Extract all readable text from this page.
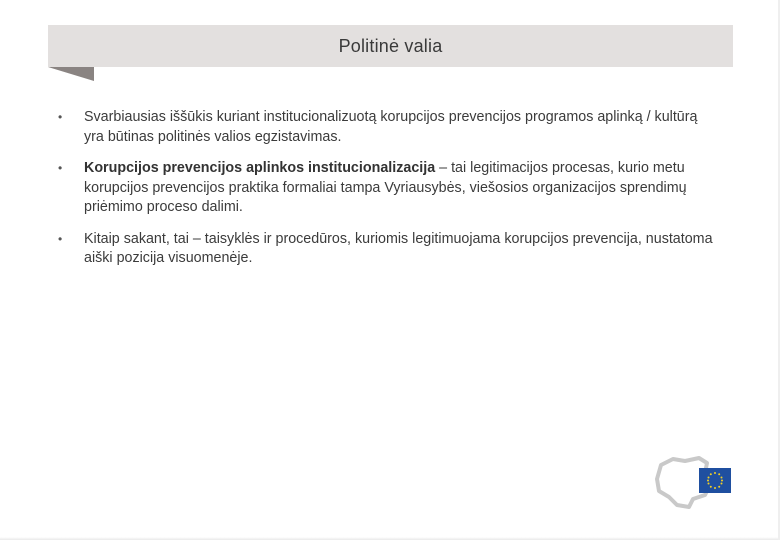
Politinė valia
•	Svarbiausias iššūkis kuriant institucionalizuotą korupcijos prevencijos programos aplinką / kultūrą yra būtinas politinės valios egzistavimas.
•	Korupcijos prevencijos aplinkos institucionalizacija – tai legitimacijos procesas, kurio metu korupcijos prevencijos praktika formaliai tampa Vyriausybės, viešosios organizacijos sprendimų priėmimo proceso dalimi.
•	Kitaip sakant, tai – taisyklės ir procedūros, kuriomis legitimuojama korupcijos prevencija, nustatoma aiški pozicija visuomenėje.
